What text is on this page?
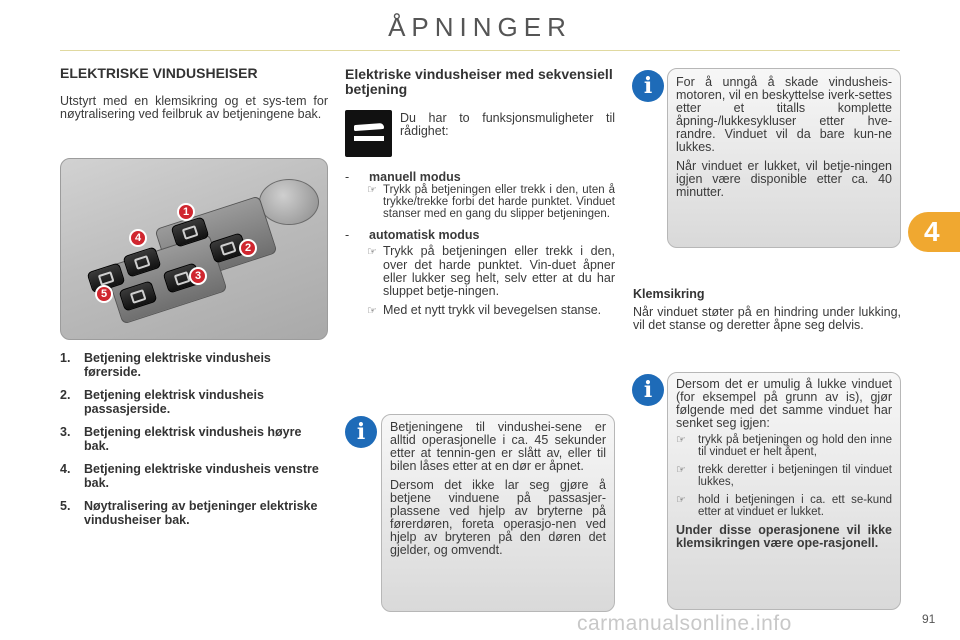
ÅPNINGER
4
ELEKTRISKE VINDUSHEISER

Utstyrt med en klemsikring og et sys-tem for nøytralisering ved feilbruk av betjeningene bak.

1
2
3
4
5
1. Betjening elektriske vindusheis førerside.
2. Betjening elektrisk vindusheis passasjerside.
3. Betjening elektrisk vindusheis høyre bak.
4. Betjening elektriske vindusheis venstre bak.
5. Nøytralisering av betjeninger elektriske vindusheiser bak.
Elektriske vindusheiser med sekvensiell betjening

Du har to funksjonsmuligheter til rådighet:

- manuell modus

☞ Trykk på betjeningen eller trekk i den, uten å trykke/trekke forbi det harde punktet. Vinduet stanser med en gang du slipper betjeningen.

- automatisk modus

☞ Trykk på betjeningen eller trekk i den, over det harde punktet. Vin-duet åpner eller lukker seg helt, selv etter at du har sluppet betje-ningen.

☞ Med et nytt trykk vil bevegelsen stanse.

i	Betjeningene til vindushei-sene er alltid operasjonelle i ca. 45 sekunder etter at tennin-gen er slått av, eller til bilen låses etter at en dør er åpnet.

Dersom det ikke lar seg gjøre å betjene vinduene på passasjer-plassene ved hjelp av bryterne på førerdøren, foreta operasjo-nen ved hjelp av bryteren på den døren det gjelder, og omvendt.

i	For å unngå å skade vindusheis-motoren, vil en beskyttelse iverk-settes etter et titalls komplette åpning-/lukkesykluser etter hve-randre. Vinduet vil da bare kun-ne lukkes.

Når vinduet er lukket, vil betje-ningen igjen være disponible etter ca. 40 minutter.

Klemsikring

Når vinduet støter på en hindring under lukking, vil det stanse og deretter åpne seg delvis.

i	Dersom det er umulig å lukke vinduet (for eksempel på grunn av is), gjør følgende med det samme vinduet har senket seg igjen:

☞ trykk på betjeningen og hold den inne til vinduet er helt åpent,

☞ trekk deretter i betjeningen til vinduet lukkes,

☞ hold i betjeningen i ca. ett se-kund etter at vinduet er lukket.

Under disse operasjonene vil ikke klemsikringen være ope-rasjonell.

carmanualsonline.info	91
